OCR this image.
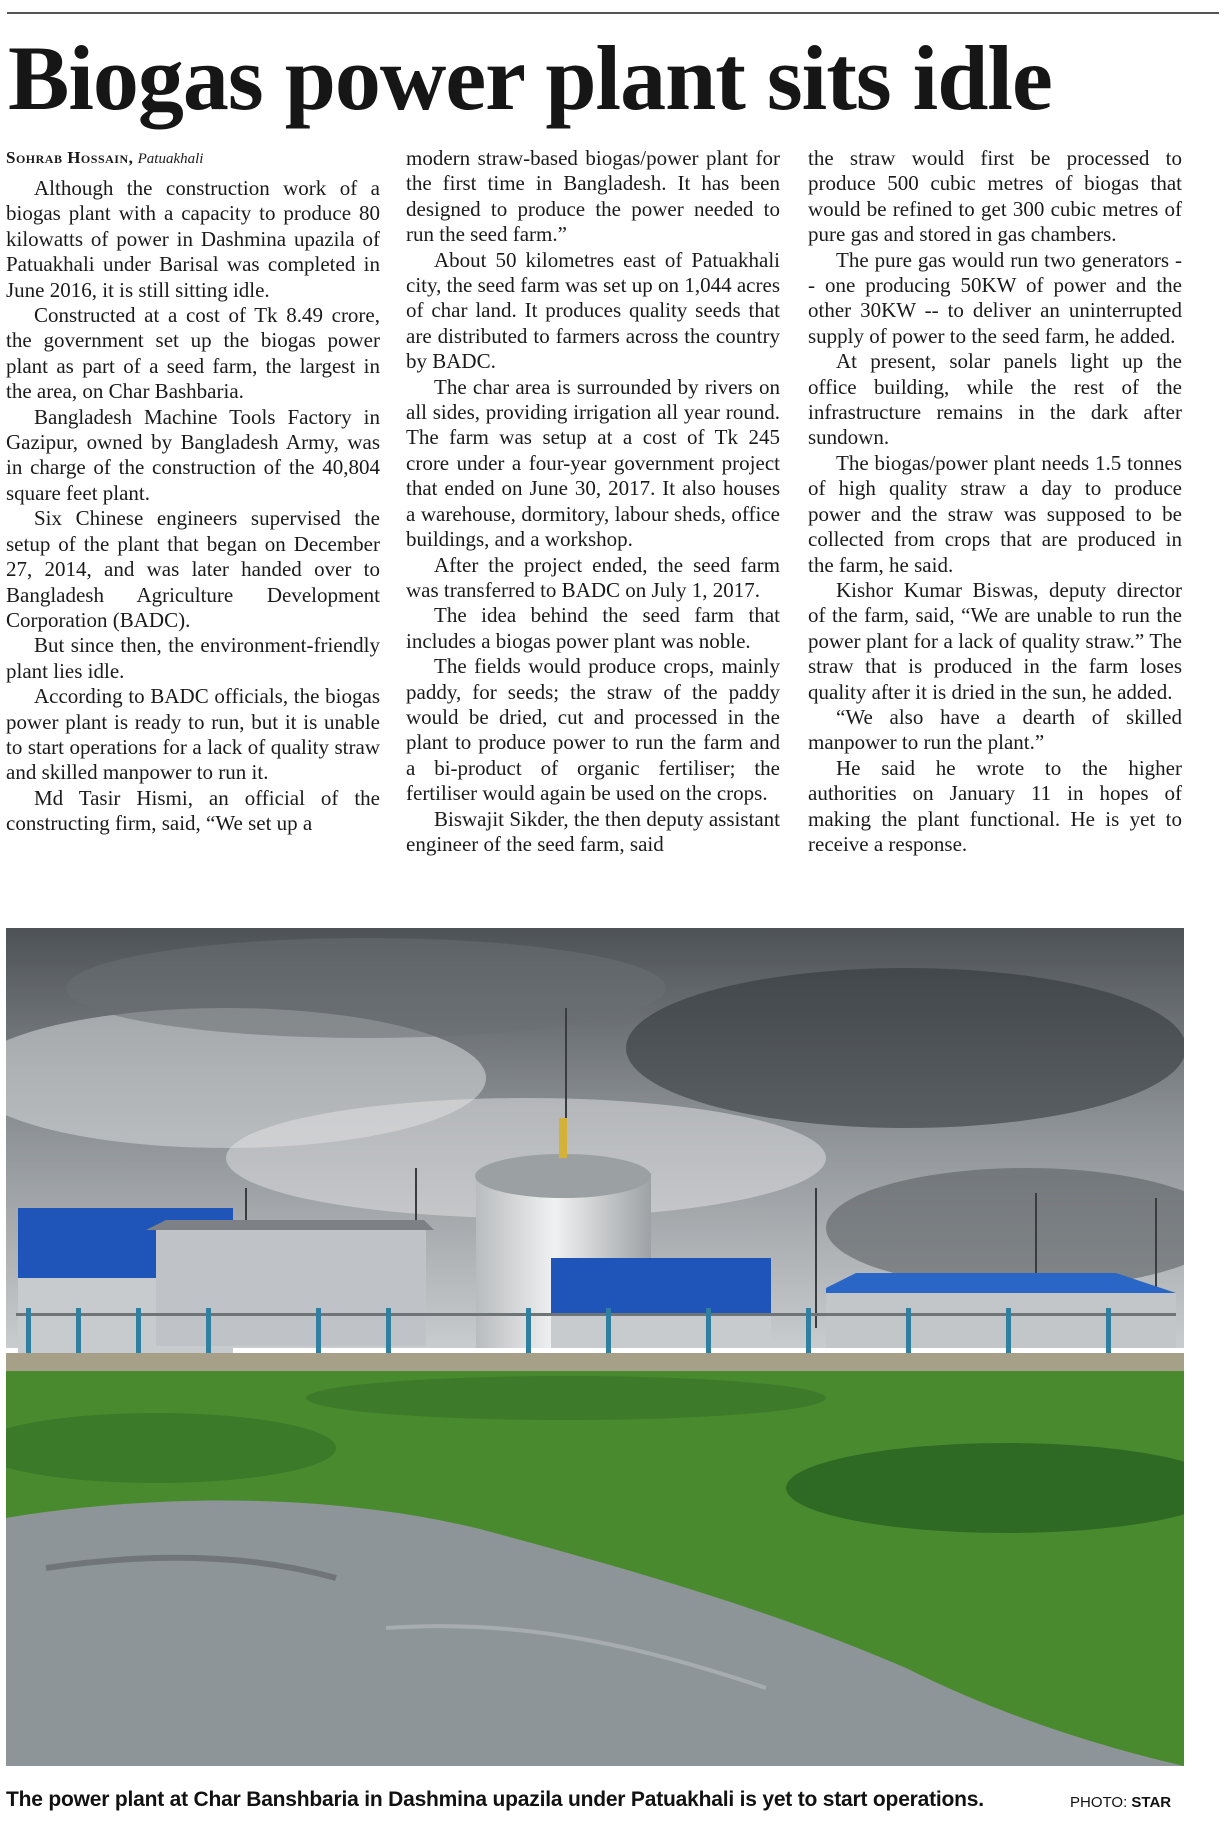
Biogas power plant sits idle
Sohrab Hossain, Patuakhali

Although the construction work of a biogas plant with a capacity to produce 80 kilowatts of power in Dashmina upazila of Patuakhali under Barisal was completed in June 2016, it is still sitting idle.

Constructed at a cost of Tk 8.49 crore, the government set up the biogas power plant as part of a seed farm, the largest in the area, on Char Bashbaria.

Bangladesh Machine Tools Factory in Gazipur, owned by Bangladesh Army, was in charge of the construction of the 40,804 square feet plant.

Six Chinese engineers supervised the setup of the plant that began on December 27, 2014, and was later handed over to Bangladesh Agriculture Development Corporation (BADC).

But since then, the environment-friendly plant lies idle.

According to BADC officials, the biogas power plant is ready to run, but it is unable to start operations for a lack of quality straw and skilled manpower to run it.

Md Tasir Hismi, an official of the constructing firm, said, “We set up a

modern straw-based biogas/power plant for the first time in Bangladesh. It has been designed to produce the power needed to run the seed farm.”

About 50 kilometres east of Patuakhali city, the seed farm was set up on 1,044 acres of char land. It produces quality seeds that are distributed to farmers across the country by BADC.

The char area is surrounded by rivers on all sides, providing irrigation all year round. The farm was setup at a cost of Tk 245 crore under a four-year government project that ended on June 30, 2017. It also houses a warehouse, dormitory, labour sheds, office buildings, and a workshop.

After the project ended, the seed farm was transferred to BADC on July 1, 2017.

The idea behind the seed farm that includes a biogas power plant was noble.

The fields would produce crops, mainly paddy, for seeds; the straw of the paddy would be dried, cut and processed in the plant to produce power to run the farm and a bi-product of organic fertiliser; the fertiliser would again be used on the crops.

Biswajit Sikder, the then deputy assistant engineer of the seed farm, said

the straw would first be processed to produce 500 cubic metres of biogas that would be refined to get 300 cubic metres of pure gas and stored in gas chambers.

The pure gas would run two generators -- one producing 50KW of power and the other 30KW -- to deliver an uninterrupted supply of power to the seed farm, he added.

At present, solar panels light up the office building, while the rest of the infrastructure remains in the dark after sundown.

The biogas/power plant needs 1.5 tonnes of high quality straw a day to produce power and the straw was supposed to be collected from crops that are produced in the farm, he said.

Kishor Kumar Biswas, deputy director of the farm, said, “We are unable to run the power plant for a lack of quality straw.” The straw that is produced in the farm loses quality after it is dried in the sun, he added.

“We also have a dearth of skilled manpower to run the plant.”

He said he wrote to the higher authorities on January 11 in hopes of making the plant functional. He is yet to receive a response.

The power plant at Char Banshbaria in Dashmina upazila under Patuakhali is yet to start operations.	PHOTO: STAR
